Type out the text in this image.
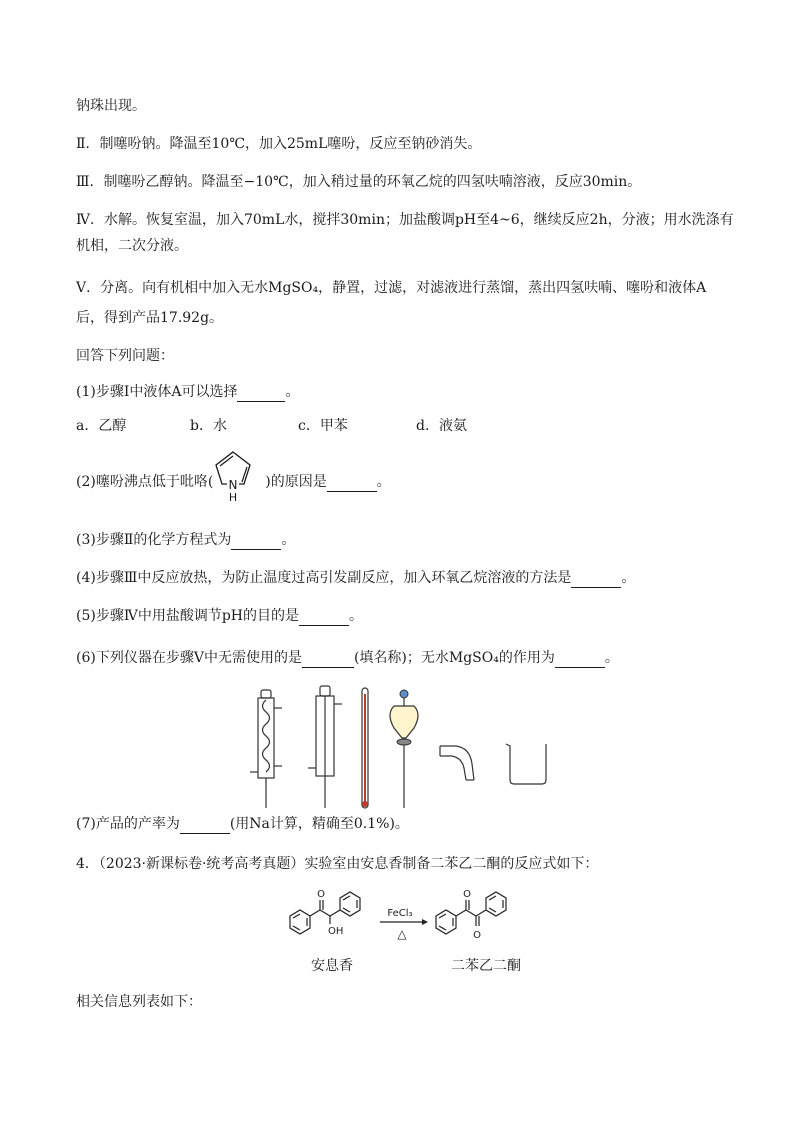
钠珠出现。
Ⅱ．制噻吩钠。降温至10℃，加入25mL噻吩，反应至钠砂消失。
Ⅲ．制噻吩乙醇钠。降温至−10℃，加入稍过量的环氧乙烷的四氢呋喃溶液，反应30min。
Ⅳ．水解。恢复室温，加入70mL水，搅拌30min；加盐酸调pH至4~6，继续反应2h，分液；用水洗涤有
机相，二次分液。
Ⅴ．分离。向有机相中加入无水MgSO₄，静置，过滤，对滤液进行蒸馏，蒸出四氢呋喃、噻吩和液体A
后，得到产品17.92g。
回答下列问题：
(1)步骤Ⅰ中液体A可以选择	。
a．乙醇	b．水	c．甲苯	d．液氨
(2)噻吩沸点低于吡咯(	)的原因是	。
N
H
(3)步骤Ⅱ的化学方程式为	。
(4)步骤Ⅲ中反应放热，为防止温度过高引发副反应，加入环氧乙烷溶液的方法是	。
(5)步骤Ⅳ中用盐酸调节pH的目的是	。
(6)下列仪器在步骤Ⅴ中无需使用的是	(填名称)；无水MgSO₄的作用为	。
(7)产品的产率为	(用Na计算，精确至0.1%)。
4．（2023·新课标卷·统考高考真题）实验室由安息香制备二苯乙二酮的反应式如下：
O
OH
FeCl₃
△
O
O
安息香	二苯乙二酮
相关信息列表如下：
